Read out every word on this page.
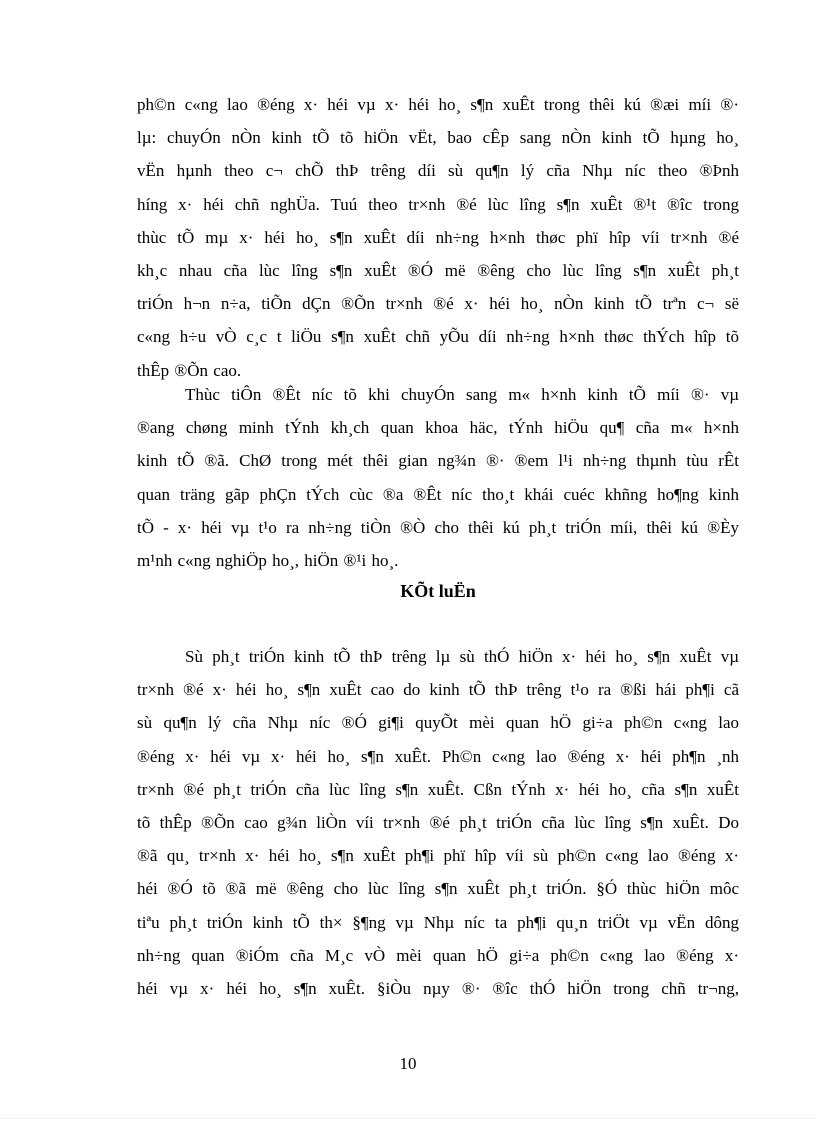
ph©n c«ng lao ®éng x· héi vµ x· héi ho¸ s¶n xuÊt trong thêi kú ®æi míi ®·
lµ: chuyÓn nÒn kinh tÕ tõ hiÖn vËt, bao cÊp sang nÒn kinh tÕ hµng ho¸
vËn hµnh theo c¬ chÕ thÞ trêng díi sù qu¶n lý cña Nhµ níc theo ®Þnh
híng x· héi chñ nghÜa. Tuú theo tr×nh ®é lùc lîng s¶n xuÊt ®¹t ®îc trong
thùc tÕ mµ x· héi ho¸ s¶n xuÊt díi nh÷ng h×nh thøc phï hîp víi tr×nh ®é
kh¸c nhau cña lùc lîng s¶n xuÊt ®Ó më ®êng cho lùc lîng s¶n xuÊt ph¸t
triÓn h¬n n÷a, tiÕn dÇn ®Õn tr×nh ®é x· héi ho¸ nÒn kinh tÕ trªn c¬ së
c«ng h÷u vÒ c¸c t liÖu s¶n xuÊt chñ yÕu díi nh÷ng h×nh thøc thÝch hîp tõ
thÊp ®Õn cao.
Thùc tiÔn ®Êt níc tõ khi chuyÓn sang m« h×nh kinh tÕ míi ®· vµ
®ang chøng minh tÝnh kh¸ch quan khoa häc, tÝnh hiÖu qu¶ cña m« h×nh
kinh tÕ ®ã. ChØ trong mét thêi gian ng¾n ®· ®em l¹i nh÷ng thµnh tùu rÊt
quan träng gãp phÇn tÝch cùc ®a ®Êt níc tho¸t khái cuéc khñng ho¶ng kinh
tÕ - x· héi vµ t¹o ra nh÷ng tiÒn ®Ò cho thêi kú ph¸t triÓn míi, thêi kú ®Èy
m¹nh c«ng nghiÖp ho¸, hiÖn ®¹i ho¸.
KÕt luËn
Sù ph¸t triÓn kinh tÕ thÞ trêng lµ sù thÓ hiÖn x· héi ho¸ s¶n xuÊt vµ
tr×nh ®é x· héi ho¸ s¶n xuÊt cao do kinh tÕ thÞ trêng t¹o ra ®ßi hái ph¶i cã
sù qu¶n lý cña Nhµ níc ®Ó gi¶i quyÕt mèi quan hÖ gi÷a ph©n c«ng lao
®éng x· héi vµ x· héi ho¸ s¶n xuÊt. Ph©n c«ng lao ®éng x· héi ph¶n ¸nh
tr×nh ®é ph¸t triÓn cña lùc lîng s¶n xuÊt. Cßn tÝnh x· héi ho¸ cña s¶n xuÊt
tõ thÊp ®Õn cao g¾n liÒn víi tr×nh ®é ph¸t triÓn cña lùc lîng s¶n xuÊt. Do
®ã qu¸ tr×nh x· héi ho¸ s¶n xuÊt ph¶i phï hîp víi sù ph©n c«ng lao ®éng x·
héi ®Ó tõ ®ã më ®êng cho lùc lîng s¶n xuÊt ph¸t triÓn. §Ó thùc hiÖn môc
tiªu ph¸t triÓn kinh tÕ th× §¶ng vµ Nhµ níc ta ph¶i qu¸n triÖt vµ vËn dông
nh÷ng quan ®iÓm cña M¸c vÒ mèi quan hÖ gi÷a ph©n c«ng lao ®éng x·
héi vµ x· héi ho¸ s¶n xuÊt. §iÒu nµy ®· ®îc thÓ hiÖn trong chñ tr¬ng,
10
